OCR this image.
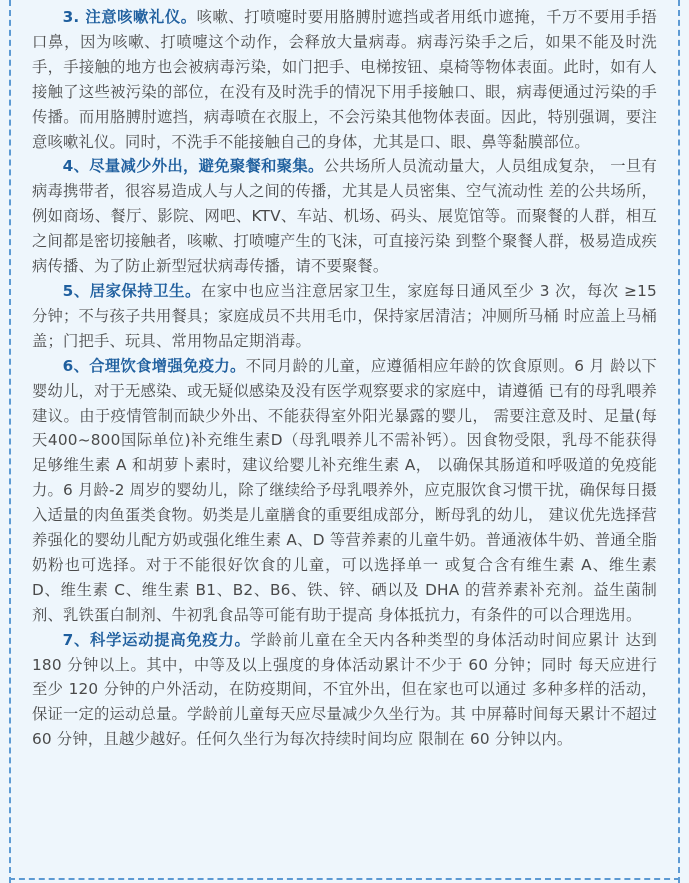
3. 注意咳嗽礼仪。咳嗽、打喷嚏时要用胳膊肘遮挡或者用纸巾遮掩，千万不要用手捂口鼻，因为咳嗽、打喷嚏这个动作，会释放大量病毒。病毒污染手之后，如果不能及时洗手，手接触的地方也会被病毒污染，如门把手、电梯按钮、桌椅等物体表面。此时，如有人接触了这些被污染的部位，在没有及时洗手的情况下用手接触口、眼，病毒便通过污染的手传播。而用胳膊肘遮挡，病毒喷在衣服上，不会污染其他物体表面。因此，特别强调，要注意咳嗽礼仪。同时，不洗手不能接触自己的身体，尤其是口、眼、鼻等黏膜部位。

4、尽量减少外出，避免聚餐和聚集。公共场所人员流动量大，人员组成复杂， 一旦有病毒携带者，很容易造成人与人之间的传播，尤其是人员密集、空气流动性 差的公共场所，例如商场、餐厅、影院、网吧、KTV、车站、机场、码头、展览馆等。而聚餐的人群，相互之间都是密切接触者，咳嗽、打喷嚏产生的飞沫，可直接污染 到整个聚餐人群，极易造成疾病传播、为了防止新型冠状病毒传播，请不要聚餐。

5、居家保持卫生。在家中也应当注意居家卫生，家庭每日通风至少 3 次，每次 ≥15 分钟；不与孩子共用餐具；家庭成员不共用毛巾，保持家居清洁；冲厕所马桶 时应盖上马桶盖；门把手、玩具、常用物品定期消毒。

6、合理饮食增强免疫力。不同月龄的儿童，应遵循相应年龄的饮食原则。6 月 龄以下婴幼儿，对于无感染、或无疑似感染及没有医学观察要求的家庭中，请遵循 已有的母乳喂养建议。由于疫情管制而缺少外出、不能获得室外阳光暴露的婴儿， 需要注意及时、足量(每天400~800国际单位)补充维生素D（母乳喂养儿不需补钙）。因食物受限，乳母不能获得足够维生素 A 和胡萝卜素时，建议给婴儿补充维生素 A， 以确保其肠道和呼吸道的免疫能力。6 月龄-2 周岁的婴幼儿，除了继续给予母乳喂养外，应克服饮食习惯干扰，确保每日摄入适量的肉鱼蛋类食物。奶类是儿童膳食的重要组成部分，断母乳的幼儿， 建议优先选择营养强化的婴幼儿配方奶或强化维生素 A、D 等营养素的儿童牛奶。普通液体牛奶、普通全脂奶粉也可选择。对于不能很好饮食的儿童，可以选择单一 或复合含有维生素 A、维生素 D、维生素 C、维生素 B1、B2、B6、铁、锌、硒以及 DHA 的营养素补充剂。益生菌制剂、乳铁蛋白制剂、牛初乳食品等可能有助于提高 身体抵抗力，有条件的可以合理选用。

7、科学运动提高免疫力。学龄前儿童在全天内各种类型的身体活动时间应累计 达到 180 分钟以上。其中，中等及以上强度的身体活动累计不少于 60 分钟；同时 每天应进行至少 120 分钟的户外活动，在防疫期间，不宜外出，但在家也可以通过 多种多样的活动，保证一定的运动总量。学龄前儿童每天应尽量减少久坐行为。其 中屏幕时间每天累计不超过 60 分钟，且越少越好。任何久坐行为每次持续时间均应 限制在 60 分钟以内。
